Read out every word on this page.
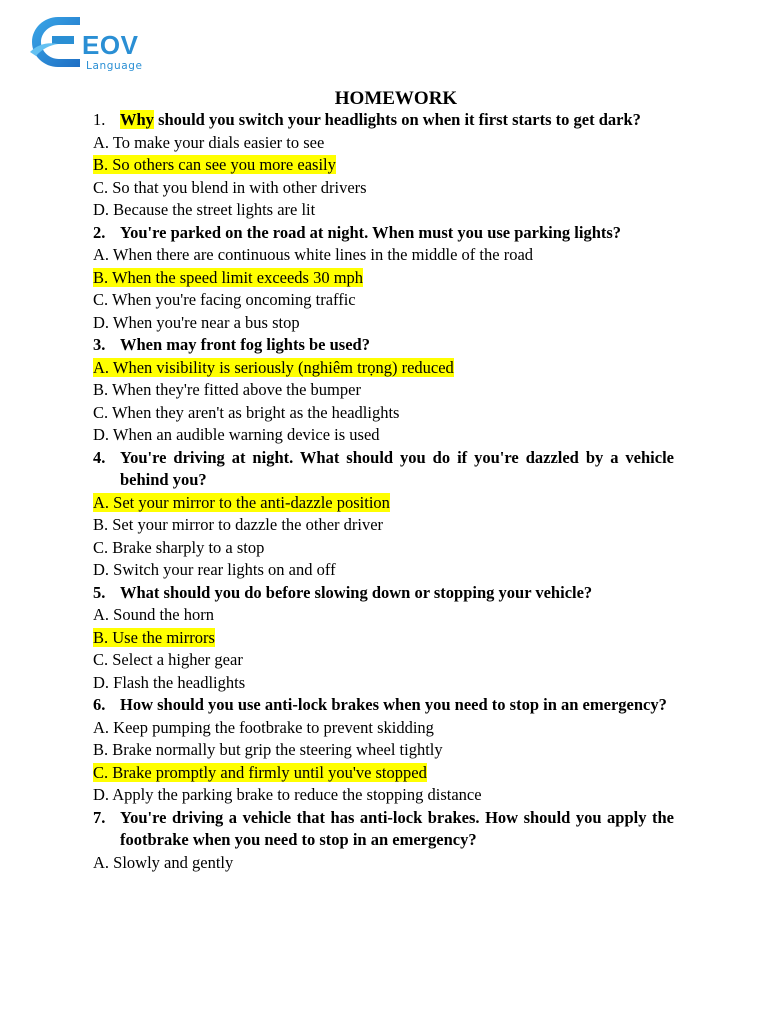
EOV
Language
HOMEWORK
1. Why should you switch your headlights on when it first starts to get dark?
A. To make your dials easier to see
B. So others can see you more easily
C. So that you blend in with other drivers
D. Because the street lights are lit
2. You're parked on the road at night. When must you use parking lights?
A. When there are continuous white lines in the middle of the road
B. When the speed limit exceeds 30 mph
C. When you're facing oncoming traffic
D. When you're near a bus stop
3. When may front fog lights be used?
A. When visibility is seriously (nghiêm trọng) reduced
B. When they're fitted above the bumper
C. When they aren't as bright as the headlights
D. When an audible warning device is used
4. You're driving at night. What should you do if you're dazzled by a vehicle behind you?
A. Set your mirror to the anti-dazzle position
B. Set your mirror to dazzle the other driver
C. Brake sharply to a stop
D. Switch your rear lights on and off
5. What should you do before slowing down or stopping your vehicle?
A. Sound the horn
B. Use the mirrors
C. Select a higher gear
D. Flash the headlights
6. How should you use anti-lock brakes when you need to stop in an emergency?
A. Keep pumping the footbrake to prevent skidding
B. Brake normally but grip the steering wheel tightly
C. Brake promptly and firmly until you've stopped
D. Apply the parking brake to reduce the stopping distance
7. You're driving a vehicle that has anti-lock brakes. How should you apply the footbrake when you need to stop in an emergency?
A. Slowly and gently
